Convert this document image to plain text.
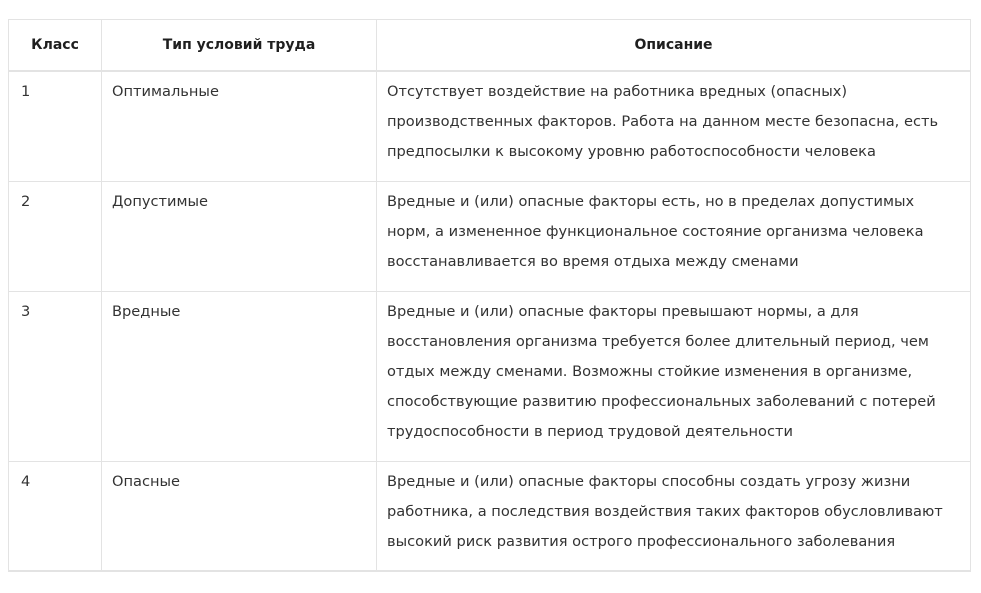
Класс	Тип условий труда	Описание

1	Оптимальные	Отсутствует воздействие на работника вредных (опасных) производственных факторов. Работа на данном месте безопасна, есть предпосылки к высокому уровню работоспособности человека

2	Допустимые	Вредные и (или) опасные факторы есть, но в пределах допустимых норм, а измененное функциональное состояние организма человека восстанавливается во время отдыха между сменами

3	Вредные	Вредные и (или) опасные факторы превышают нормы, а для восстановления организма требуется более длительный период, чем отдых между сменами. Возможны стойкие изменения в организме, способствующие развитию профессиональных заболеваний с потерей трудоспособности в период трудовой деятельности

4	Опасные	Вредные и (или) опасные факторы способны создать угрозу жизни работника, а последствия воздействия таких факторов обусловливают высокий риск развития острого профессионального заболевания
